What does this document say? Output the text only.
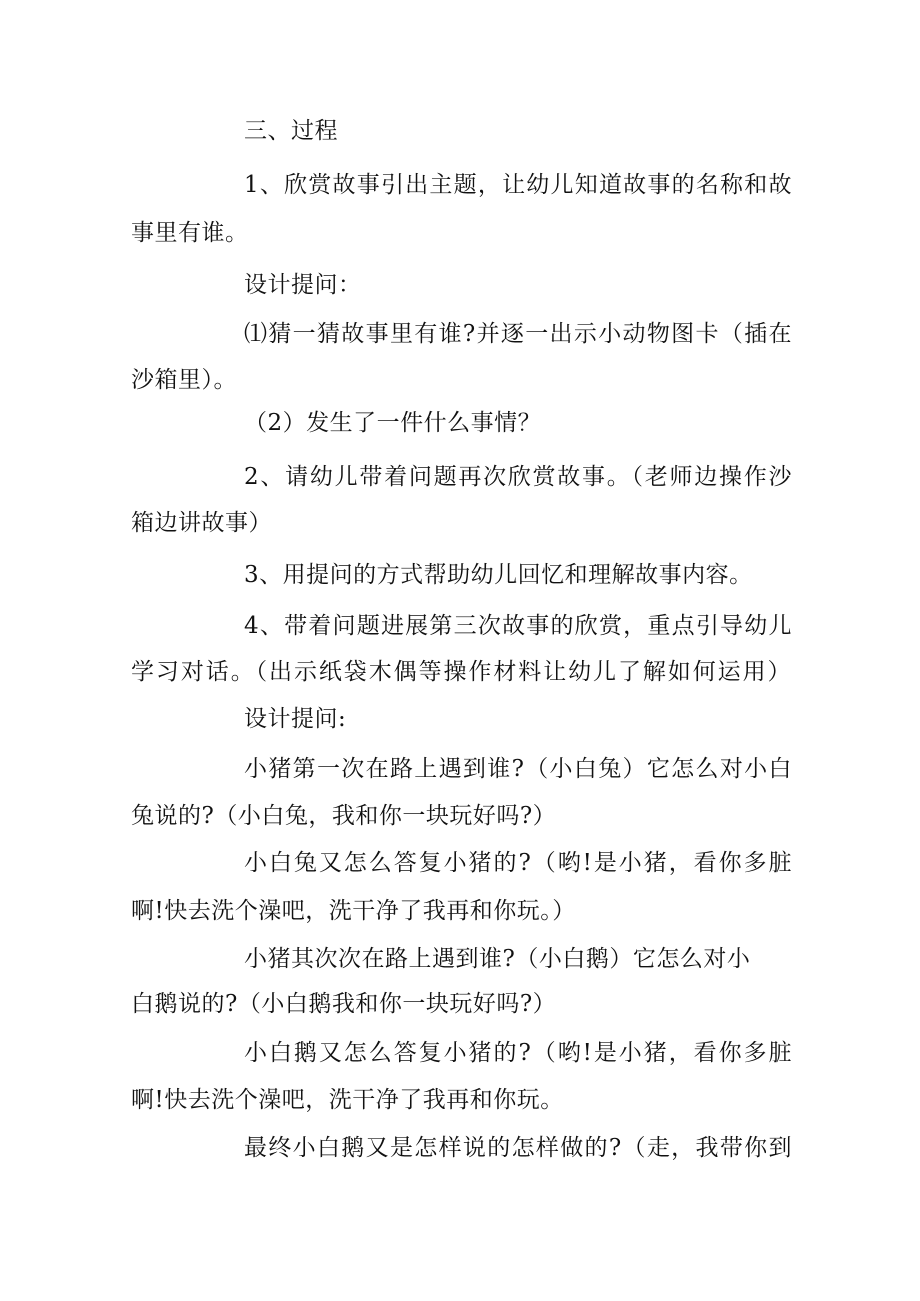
三、过程
1、欣赏故事引出主题，让幼儿知道故事的名称和故
事里有谁。
设计提问：
⑴猜一猜故事里有谁?并逐一出示小动物图卡（插在
沙箱里）。
（2）发生了一件什么事情？
2、请幼儿带着问题再次欣赏故事。（老师边操作沙
箱边讲故事）
3、用提问的方式帮助幼儿回忆和理解故事内容。
4、带着问题进展第三次故事的欣赏，重点引导幼儿
学习对话。（出示纸袋木偶等操作材料让幼儿了解如何运用）
设计提问:
小猪第一次在路上遇到谁?（小白兔）它怎么对小白
兔说的?（小白兔，我和你一块玩好吗?）
小白兔又怎么答复小猪的?（哟!是小猪，看你多脏
啊!快去洗个澡吧，洗干净了我再和你玩。）
小猪其次次在路上遇到谁?（小白鹅）它怎么对小
白鹅说的?（小白鹅我和你一块玩好吗?）
小白鹅又怎么答复小猪的?（哟!是小猪，看你多脏
啊!快去洗个澡吧，洗干净了我再和你玩。
最终小白鹅又是怎样说的怎样做的?（走，我带你到
